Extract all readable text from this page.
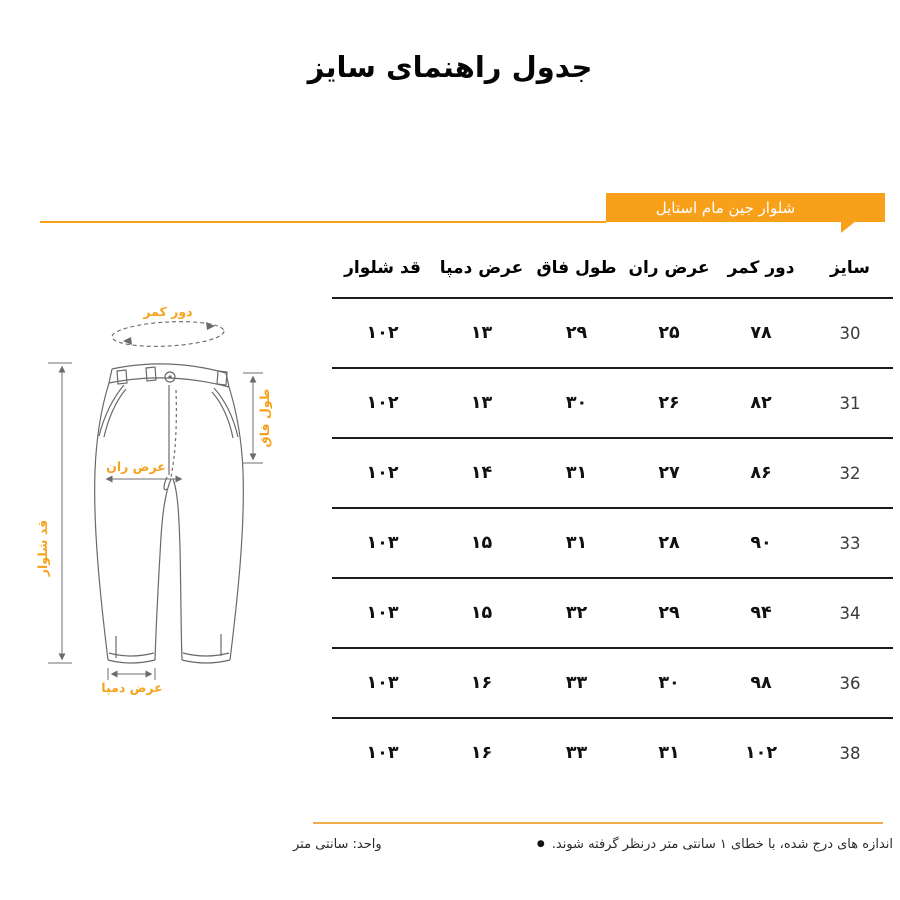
جدول راهنمای سایز
شلوار جین مام استایل
سایز	دور کمر	عرض ران	طول فاق	عرض دمپا	قد شلوار
30	۷۸	۲۵	۲۹	۱۳	۱۰۲
31	۸۲	۲۶	۳۰	۱۳	۱۰۲
32	۸۶	۲۷	۳۱	۱۴	۱۰۲
33	۹۰	۲۸	۳۱	۱۵	۱۰۳
34	۹۴	۲۹	۳۲	۱۵	۱۰۳
36	۹۸	۳۰	۳۳	۱۶	۱۰۳
38	۱۰۲	۳۱	۳۳	۱۶	۱۰۳
دور کمر
عرض ران
طول فاق
عرض دمپا
قد شلوار
اندازه های درج شده، با خطای ۱ سانتی متر درنظر گرفته شوند.●
واحد: سانتی متر
